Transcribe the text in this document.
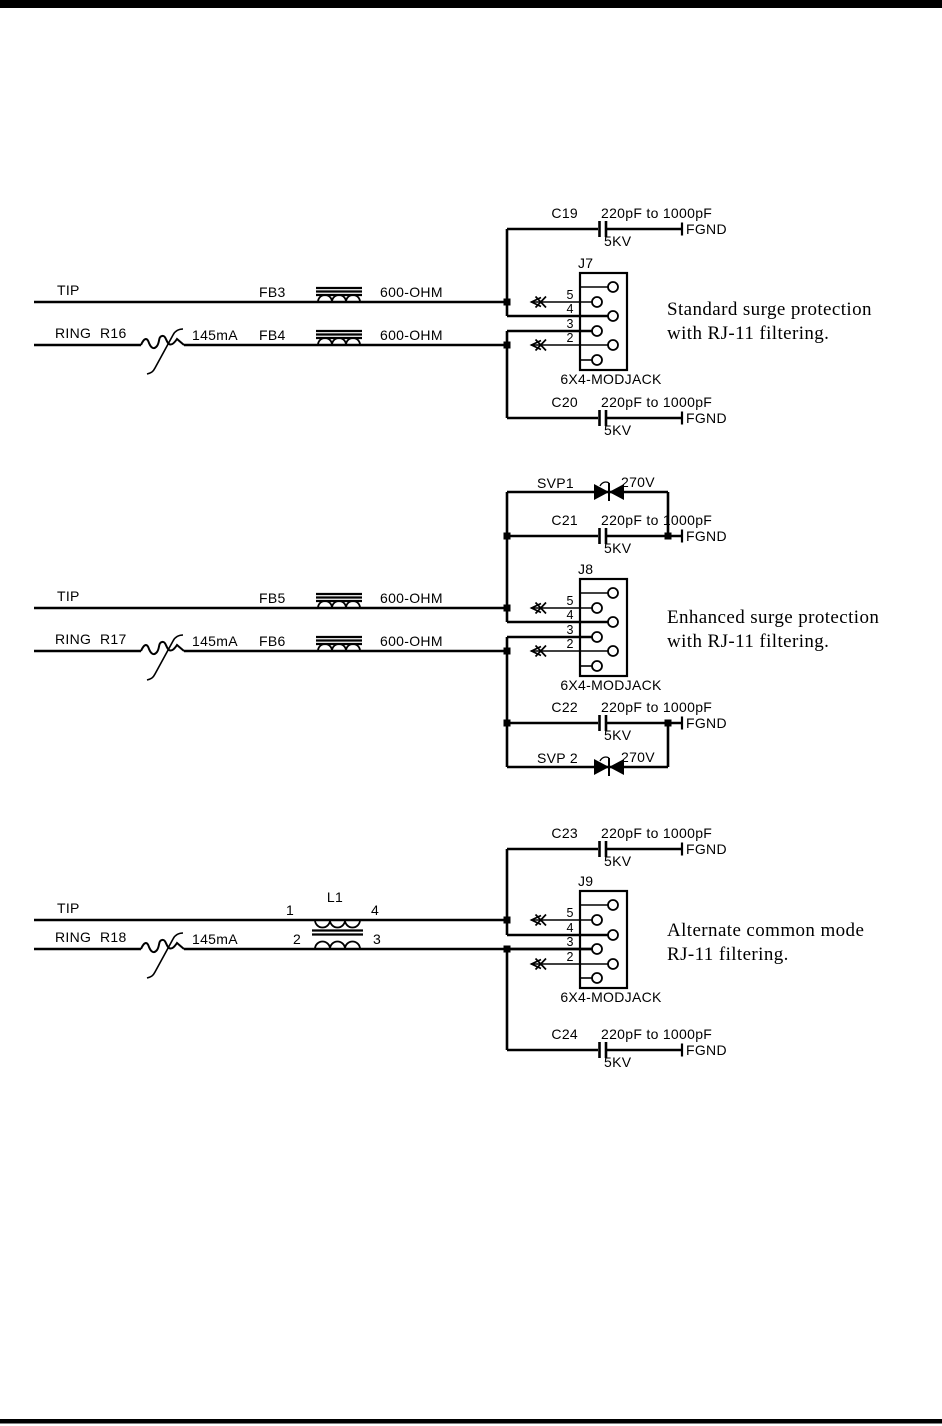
C19 220pF to 1000pF
5KV
FGND
TIP	FB3	600-OHM
RING R16	145mA FB4	600-OHM
C20 220pF to 1000pF
5KV
FGND
5
4
3
2
J7
6X4-MODJACK
Standard surge protection
with RJ-11 filtering.
SVP1	270V
C21 220pF to 1000pF
5KV
FGND
TIP	FB5	600-OHM
RING R17	145mA FB6	600-OHM
C22 220pF to 1000pF
5KV
FGND
SVP 2	270V
5
4
3
2
J8
6X4-MODJACK
Enhanced surge protection
with RJ-11 filtering.
C23 220pF to 1000pF
5KV
FGND
TIP
L1
1	4
2	3
RING R18	145mA
C24 220pF to 1000pF
5KV
FGND
5
4
3
2
J9
6X4-MODJACK
Alternate common mode
RJ-11 filtering.
